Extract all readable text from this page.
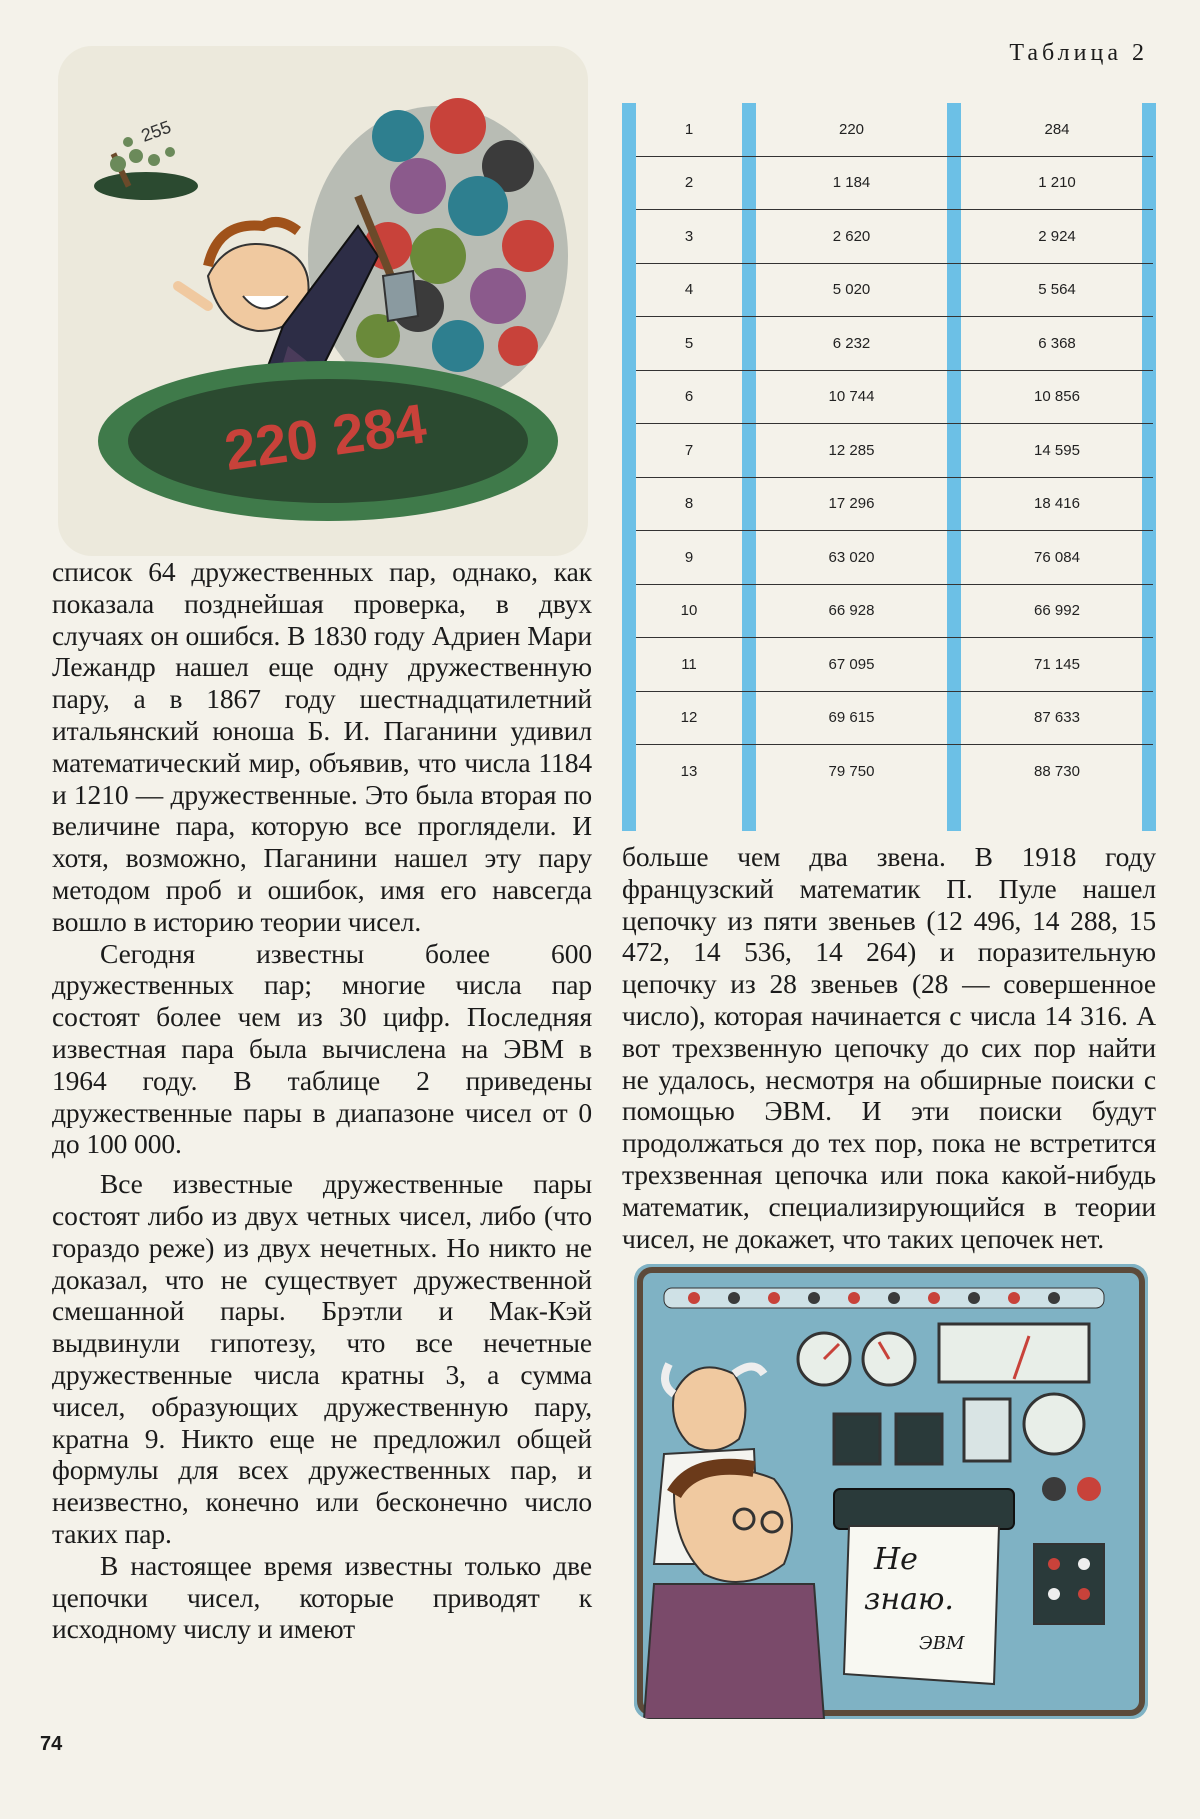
255
220 284

список 64 дружественных пар, однако, как показала позднейшая проверка, в двух случаях он ошибся. В 1830 году Адриен Мари Лежандр нашел еще одну дружественную пару, а в 1867 году шестнадцатилетний итальянский юноша Б. И. Паганини удивил математический мир, объявив, что числа 1184 и 1210 — дружественные. Это была вторая по величине пара, которую все проглядели. И хотя, возможно, Паганини нашел эту пару методом проб и ошибок, имя его навсегда вошло в историю теории чисел.

Сегодня известны более 600 дружественных пар; многие числа пар состоят более чем из 30 цифр. Последняя известная пара была вычислена на ЭВМ в 1964 году. В таблице 2 приведены дружественные пары в диапазоне чисел от 0 до 100 000.

Все известные дружественные пары состоят либо из двух четных чисел, либо (что гораздо реже) из двух нечетных. Но никто не доказал, что не существует дружественной смешанной пары. Брэтли и Мак-Кэй выдвинули гипотезу, что все нечетные дружественные числа кратны 3, а сумма чисел, образующих дружественную пару, кратна 9. Никто еще не предложил общей формулы для всех дружественных пар, и неизвестно, конечно или бесконечно число таких пар.

В настоящее время известны только две цепочки чисел, которые приводят к исходному числу и имеют

Таблица 2
1		220		284
2		1 184		1 210
3		2 620		2 924
4		5 020		5 564
5		6 232		6 368
6		10 744		10 856
7		12 285		14 595
8		17 296		18 416
9		63 020		76 084
10		66 928		66 992
11		67 095		71 145
12		69 615		87 633
13		79 750		88 730

больше чем два звена. В 1918 году французский математик П. Пуле нашел цепочку из пяти звеньев (12 496, 14 288, 15 472, 14 536, 14 264) и поразительную цепочку из 28 звеньев (28 — совершенное число), которая начинается с числа 14 316. А вот трехзвенную цепочку до сих пор найти не удалось, несмотря на обширные поиски с помощью ЭВМ. И эти поиски будут продолжаться до тех пор, пока не встретится трехзвенная цепочка или пока какой-нибудь математик, специализирующийся в теории чисел, не докажет, что таких цепочек нет.

Не
знаю.
ЭВМ
74
